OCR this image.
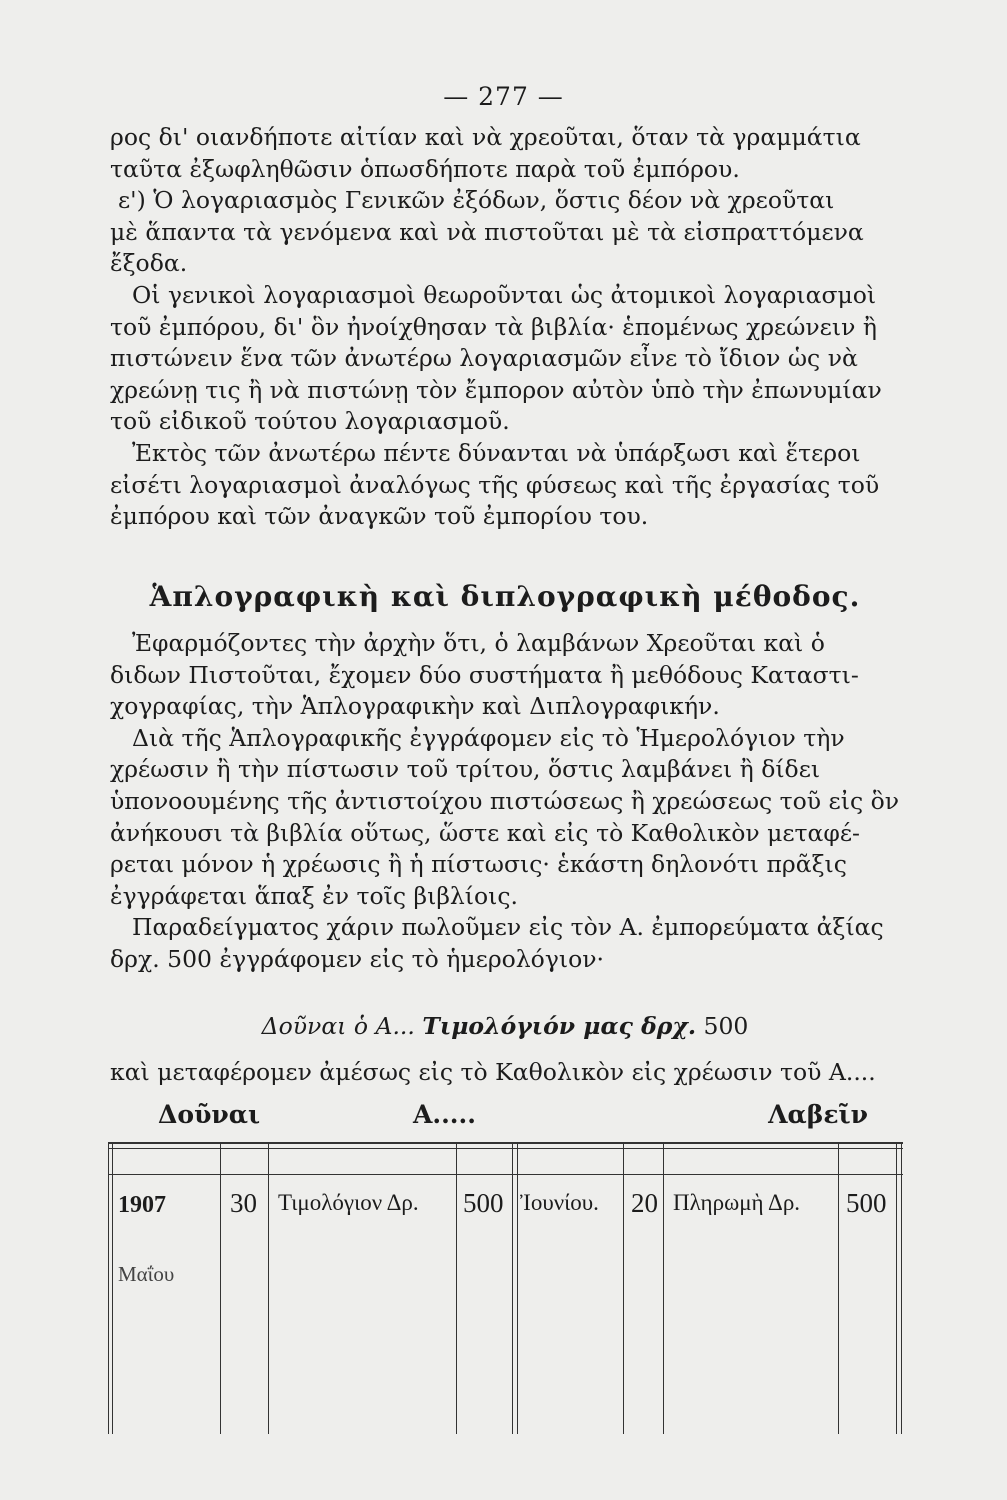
— 277 —
ρος δι' οιανδήποτε αἰτίαν καὶ νὰ χρεοῦται, ὅταν τὰ γραμμάτια
ταῦτα ἐξωφληθῶσιν ὁπωσδήποτε παρὰ τοῦ ἐμπόρου.
ε') Ὁ λογαριασμὸς Γενικῶν ἐξόδων, ὅστις δέον νὰ χρεοῦται
μὲ ἅπαντα τὰ γενόμενα καὶ νὰ πιστοῦται μὲ τὰ εἰσπραττόμενα
ἔξοδα.
Οἱ γενικοὶ λογαριασμοὶ θεωροῦνται ὡς ἀτομικοὶ λογαριασμοὶ
τοῦ ἐμπόρου, δι' ὃν ἠνοίχθησαν τὰ βιβλία· ἑπομένως χρεώνειν ἢ
πιστώνειν ἕνα τῶν ἀνωτέρω λογαριασμῶν εἶνε τὸ ἴδιον ὡς νὰ
χρεώνῃ τις ἢ νὰ πιστώνῃ τὸν ἔμπορον αὐτὸν ὑπὸ τὴν ἐπωνυμίαν
τοῦ εἰδικοῦ τούτου λογαριασμοῦ.
Ἐκτὸς τῶν ἀνωτέρω πέντε δύνανται νὰ ὑπάρξωσι καὶ ἕτεροι
εἰσέτι λογαριασμοὶ ἀναλόγως τῆς φύσεως καὶ τῆς ἐργασίας τοῦ
ἐμπόρου καὶ τῶν ἀναγκῶν τοῦ ἐμπορίου του.
Ἁπλογραφικὴ καὶ διπλογραφικὴ μέθοδος.
Ἐφαρμόζοντες τὴν ἀρχὴν ὅτι, ὁ λαμβάνων Χρεοῦται καὶ ὁ
διδων Πιστοῦται, ἔχομεν δύο συστήματα ἢ μεθόδους Καταστι-
χογραφίας, τὴν Ἁπλογραφικὴν καὶ Διπλογραφικήν.
Διὰ τῆς Ἁπλογραφικῆς ἐγγράφομεν εἰς τὸ Ἡμερολόγιον τὴν
χρέωσιν ἢ τὴν πίστωσιν τοῦ τρίτου, ὅστις λαμβάνει ἢ δίδει
ὑπονοουμένης τῆς ἀντιστοίχου πιστώσεως ἢ χρεώσεως τοῦ εἰς ὃν
ἀνήκουσι τὰ βιβλία οὕτως, ὥστε καὶ εἰς τὸ Καθολικὸν μεταφέ-
ρεται μόνον ἡ χρέωσις ἢ ἡ πίστωσις· ἑκάστη δηλονότι πρᾶξις
ἐγγράφεται ἅπαξ ἐν τοῖς βιβλίοις.
Παραδείγματος χάριν πωλοῦμεν εἰς τὸν Α. ἐμπορεύματα ἀξίας
δρχ. 500 ἐγγράφομεν εἰς τὸ ἡμερολόγιον·
Δοῦναι ὁ Α... Τιμολόγιόν μας δρχ. 500
καὶ μεταφέρομεν ἀμέσως εἰς τὸ Καθολικὸν εἰς χρέωσιν τοῦ Α....
Δοῦναι	Α.....	Λαβεῖν
1907
Μαΐου
30 Τιμολόγιον Δρ. 500 Ἰουνίου. 20 Πληρωμὴ Δρ. 500
